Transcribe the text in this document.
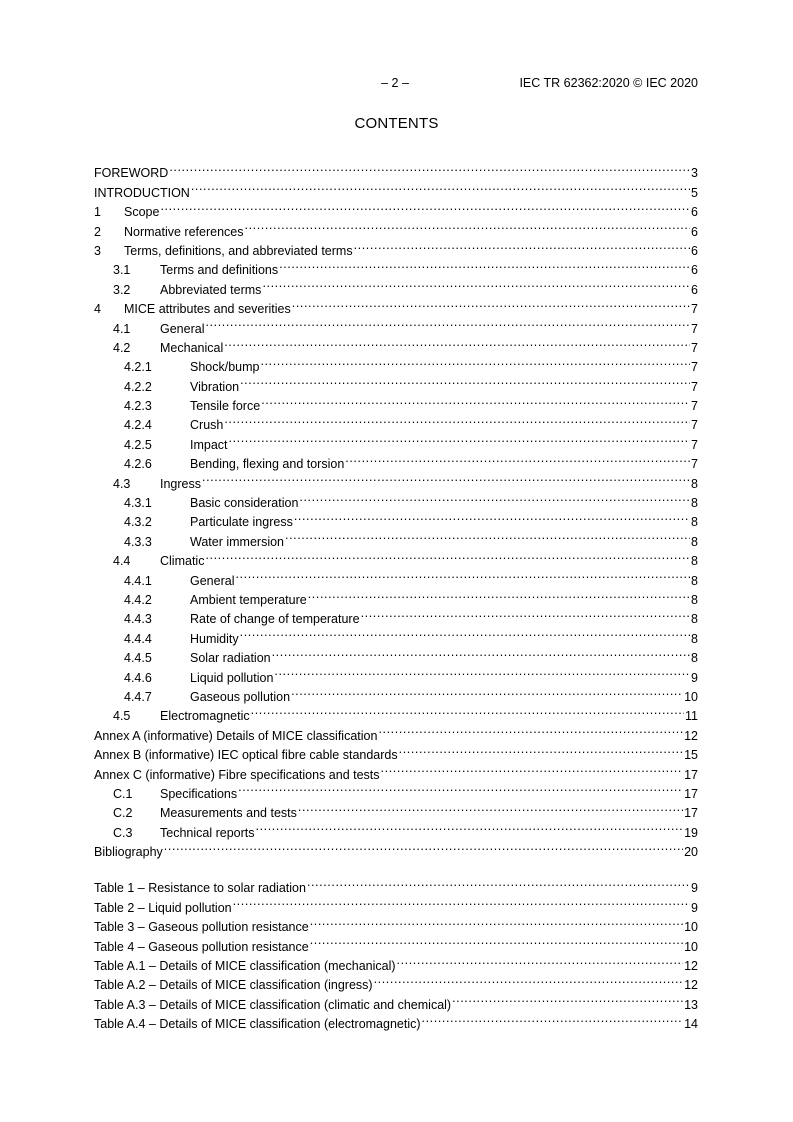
– 2 –	IEC TR 62362:2020 © IEC 2020
CONTENTS
FOREWORD .....	3
INTRODUCTION .....	5
1	Scope .....	6
2	Normative references .....	6
3	Terms, definitions, and abbreviated terms .....	6
3.1	Terms and definitions .....	6
3.2	Abbreviated terms .....	6
4	MICE attributes and severities .....	7
4.1	General .....	7
4.2	Mechanical .....	7
4.2.1	Shock/bump .....	7
4.2.2	Vibration .....	7
4.2.3	Tensile force .....	7
4.2.4	Crush .....	7
4.2.5	Impact .....	7
4.2.6	Bending, flexing and torsion .....	7
4.3	Ingress .....	8
4.3.1	Basic consideration .....	8
4.3.2	Particulate ingress .....	8
4.3.3	Water immersion .....	8
4.4	Climatic .....	8
4.4.1	General .....	8
4.4.2	Ambient temperature .....	8
4.4.3	Rate of change of temperature .....	8
4.4.4	Humidity .....	8
4.4.5	Solar radiation .....	8
4.4.6	Liquid pollution .....	9
4.4.7	Gaseous pollution .....	10
4.5	Electromagnetic .....	11
Annex A (informative) Details of MICE classification .....	12
Annex B (informative) IEC optical fibre cable standards .....	15
Annex C (informative) Fibre specifications and tests .....	17
C.1	Specifications .....	17
C.2	Measurements and tests .....	17
C.3	Technical reports .....	19
Bibliography .....	20
Table 1 – Resistance to solar radiation .....	9
Table 2 – Liquid pollution .....	9
Table 3 – Gaseous pollution resistance .....	10
Table 4 – Gaseous pollution resistance .....	10
Table A.1 – Details of MICE classification (mechanical) .....	12
Table A.2 – Details of MICE classification (ingress) .....	12
Table A.3 – Details of MICE classification (climatic and chemical) .....	13
Table A.4 – Details of MICE classification (electromagnetic) .....	14
